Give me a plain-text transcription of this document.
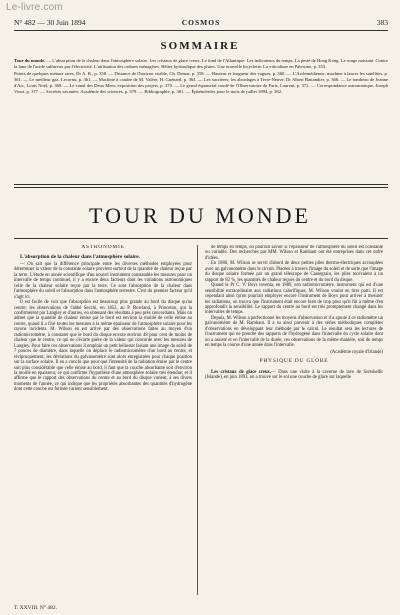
Le-livre.com
N° 482 — 30 Juin 1894	COSMOS	383
SOMMAIRE

Tour du monde. — L'absorption de la chaleur dans l'atmosphère solaire. Les cristaux de glace creux. Le fond de l'Atlantique. Les indicateurs du temps. La peste de Hong Kong. Le rouge naissant. Contre la lune de l'acide sulfureux par l'électricité. L'utilisation des ordures ménagères. Bélier hydraulique des pluies. Une nouvelle bicyclette. La viticulture en Palestine, p. 353.

Points de quelques métaux rares, Dr A. B., p. 358. — Distance de l'horizon visible, Ch. Demar, p. 358. — Hauteur et longueur des vagues, p. 360. — L'Archimédienne, machine à lancer les satellites, p. 361. — Le meilleur gaz, Lecornu, p. 361. — Machine à coudre de M. Valère, H. Guénard, p. 364. — Les sucrières; les abordages à Terre-Neuve, Dr Albert Battandier, p. 366. — Le tombeau de Jeanne d'Arc, Louis Noël, p. 368. — Le canal des Deux Mers; exposition des projets, p. 370. — Le grand équatorial coudé de l'Observatoire de Paris, Laurent, p. 372. — Correspondance astronomique, Joseph Vinot, p. 377. — Sociétés savantes: Académie des sciences, p. 379. — Bibliographie, p. 381. — Éphémérides pour le mois de juillet 1894, p. 382.

TOUR DU MONDE
ASTRONOMIE
L'absorption de la chaleur dans l'atmosphère solaire.

— On sait que la différence principale entre les diverses méthodes employées pour déterminer la valeur de la constante solaire provient surtout de la quantité de chaleur reçue par la terre. L'étude en année scientifique d'un nouvel instrument constatable les mesures pour un intervalle de temps continuel, il y a encore deux facteurs dont les variations astronomiques celle de la chaleur solaire reçue par la terre. Ce sont l'absorption de la chaleur dans l'atmosphère du soleil et l'absorption dans l'atmosphère terrestre. C'est du premier facteur qu'il s'agit ici.

Il est facile de voir que l'absorption est beaucoup plus grande au bord du disque qu'au centre; les observations de l'abbé Secchi, en 1852, au P. Rowland, à Princeton, qui la confirmèrent par Langley et d'autres, en obtenant des résultats à peu près concordants. Mais on admet que la quantité de chaleur émise par le bord est environ la moitié de celle émise au centre, quand il a fixé toutes les mesures à la même épaisseur de l'atmosphère solaire pour les rayons incidents. M. Wilson en est arrivé par des observations faites au moyen d'un radiomicromètre, à constater que le bord du disque envoie environ 48 pour cent de moins de chaleur que le centre, ce qui ne s'écarte guère de la valeur qui concorde avec les mesures de Langley. Pour faire ces observations il emploie un petit héliostat faisant une image du soleil de 7 pouces de diamètre, dans laquelle on déplace le radiomicromètre d'un bord au centre, et réciproquement; les déviations du galvanomètre sont alors enregistrées pour chaque position sur la surface solaire. Il en a conclu que pour que l'intensité de la radiation émise par le centre soit plus considérable que celle émise au bord, il faut que la couche absorbante soit d'environ la moitié en épaisseur, ce qui confirme l'hypothèse d'une atmosphère solaire très étendue; et il affirme que le rapport des observations du centre et au bord du disque varient, à ses divers moments de l'année, ce qui indique que les propriétés absorbantes des quantités d'hydrogène dont cette couche est formée varient sensiblement.

de temps en temps, on pourrait savoir si l'épaisseur de l'atmosphère du soleil est constante ou variable. Des recherches par MM. Wilson et Rambaut ont été entreprises dans cet ordre d'idées.

En 1886, M. Wilson se servit d'abord de deux petites piles thermo-électriques accouplées avec un galvanomètre dans le circuit. Placées à travers l'image du soleil et de sorte que l'image du disque solaire formée par un grand télescope de Cassegrain, les piles recevaient à un rapport de 82 %, les quantités de chaleur reçues du centre et du bord du disque.

Quand le Pr C. V. Boys inventa, en 1889, son radiomicromètre, instrument qui est d'une sensibilité extraordinaire aux radiations calorifiques, M. Wilson voulut en tirer parti. Il est cependant ainsi qu'on pourrait employer encore l'instrument de Boys pour arriver à mesurer les radiations, on trouva que l'instrument était encore bien de trop pour qu'il fût à même d'en approfondir la sensibilité. Le rapport du centre au bord est très promptement changé dans les intervalles de temps.

Depuis, M. Wilson a perfectionné les moyens d'observation et il a ajouté à ce radiomètre un galvanomètre de M. Rambaut. Il a su ainsi parvenir à des séries méthodiques complètes d'observations en développant leur méthode par le calcul. Le résultat sera les lectures de l'instrument qui ne prendre des rapports de l'hydrogène dans l'intervalle du cycle solaire dont on a assisté et en l'intervalle de la durée, ces observations de la même manière, soit de temps en temps la course d'une année dans l'intervalle.

(Académie royale d'Irlande)

PHYSIQUE DU GLOBE

Les cristaux de glace creux.— Dans une visite à la caverne de lave de Surtshellir (Islande), en juin 1893, on a trouvé sur le sol une couche de glace sur laquelle

T. XXVIII. N° 482.
